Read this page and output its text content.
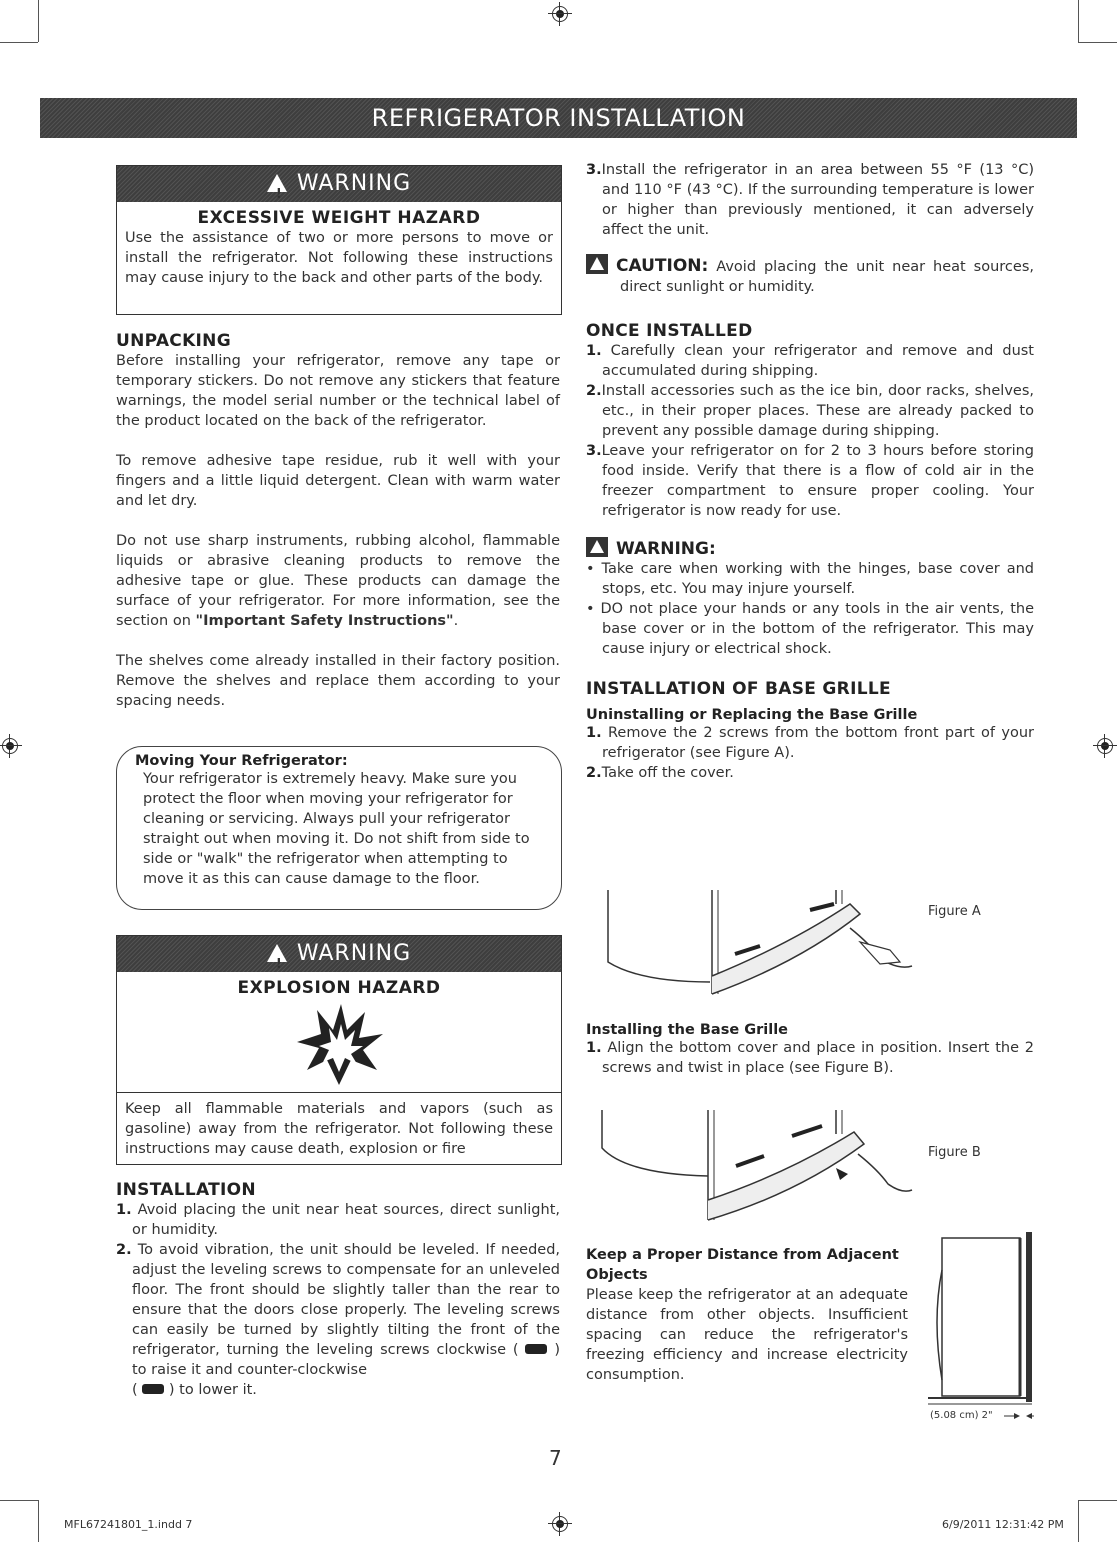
REFRIGERATOR INSTALLATION
! WARNING
EXCESSIVE WEIGHT HAZARD
Use the assistance of two or more persons to move or install the refrigerator. Not following these instructions may cause injury to the back and other parts of the body.
UNPACKING

Before installing your refrigerator, remove any tape or temporary stickers. Do not remove any stickers that feature warnings, the model serial number or the technical label of the product located on the back of the refrigerator.

To remove adhesive tape residue, rub it well with your fingers and a little liquid detergent. Clean with warm water and let dry.

Do not use sharp instruments, rubbing alcohol, flammable liquids or abrasive cleaning products to remove the adhesive tape or glue. These products can damage the surface of your refrigerator. For more information, see the section on "Important Safety Instructions".

The shelves come already installed in their factory position. Remove the shelves and replace them according to your spacing needs.

Moving Your Refrigerator:

Your refrigerator is extremely heavy. Make sure you protect the floor when moving your refrigerator for cleaning or servicing. Always pull your refrigerator straight out when moving it. Do not shift from side to side or "walk" the refrigerator when attempting to move it as this can cause damage to the floor.

! WARNING
EXPLOSION HAZARD
Keep all flammable materials and vapors (such as gasoline) away from the refrigerator. Not following these instructions may cause death, explosion or fire
INSTALLATION

1. Avoid placing the unit near heat sources, direct sunlight, or humidity.

2. To avoid vibration, the unit should be leveled. If needed, adjust the leveling screws to compensate for an unleveled floor. The front should be slightly taller than the rear to ensure that the doors close properly. The leveling screws can easily be turned by slightly tilting the front of the refrigerator, turning the leveling screws clockwise ( ) to raise it and counter-clockwise

(  ) to lower it.

3.Install the refrigerator in an area between 55 °F (13 °C) and 110 °F (43 °C). If the surrounding temperature is lower or higher than previously mentioned, it can adversely affect the unit.

CAUTION: Avoid placing the unit near heat sources, direct sunlight or humidity.

ONCE INSTALLED

1. Carefully clean your refrigerator and remove and dust accumulated during shipping.

2.Install accessories such as the ice bin, door racks, shelves, etc., in their proper places. These are already packed to prevent any possible damage during shipping.

3.Leave your refrigerator on for 2 to 3 hours before storing food inside. Verify that there is a flow of cold air in the freezer compartment to ensure proper cooling. Your refrigerator is now ready for use.

WARNING:

• Take care when working with the hinges, base cover and stops, etc. You may injure yourself.

• DO not place your hands or any tools in the air vents, the base cover or in the bottom of the refrigerator. This may cause injury or electrical shock.

INSTALLATION OF BASE GRILLE
Uninstalling or Replacing the Base Grille

1. Remove the 2 screws from the bottom front part of your refrigerator (see Figure A).

2.Take off the cover.

Figure A
Installing the Base Grille

1. Align the bottom cover and place in position. Insert the 2 screws and twist in place (see Figure B).

Figure B
Keep a Proper Distance from Adjacent Objects

Please keep the refrigerator at an adequate distance from other objects. Insufficient spacing can reduce the refrigerator's freezing efficiency and increase electricity consumption.

(5.08 cm) 2"
7
MFL67241801_1.indd 7	6/9/2011 12:31:42 PM
